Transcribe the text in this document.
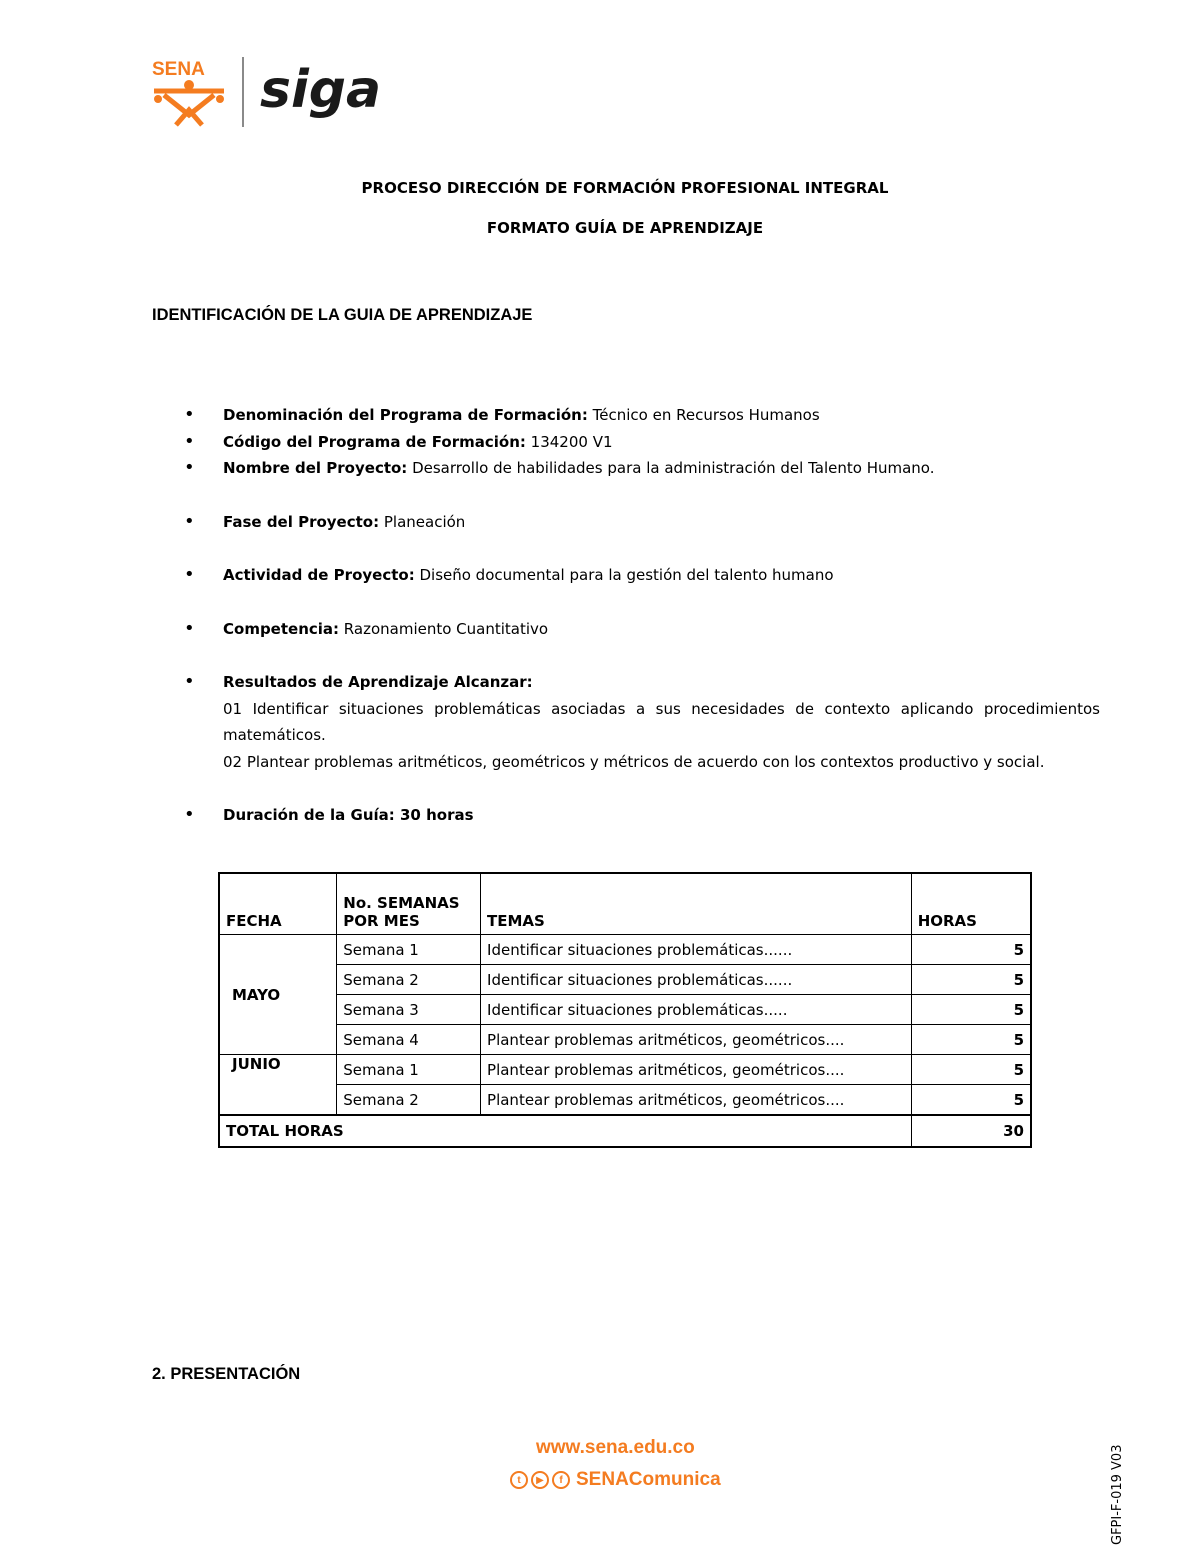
SENA siga
PROCESO DIRECCIÓN DE FORMACIÓN PROFESIONAL INTEGRAL
FORMATO GUÍA DE APRENDIZAJE
IDENTIFICACIÓN DE LA GUIA DE APRENDIZAJE
• Denominación del Programa de Formación: Técnico en Recursos Humanos
• Código del Programa de Formación: 134200 V1
• Nombre del Proyecto: Desarrollo de habilidades para la administración del Talento Humano.
• Fase del Proyecto: Planeación
• Actividad de Proyecto: Diseño documental para la gestión del talento humano
• Competencia: Razonamiento Cuantitativo
• Resultados de Aprendizaje Alcanzar:
01 Identificar situaciones problemáticas asociadas a sus necesidades de contexto aplicando procedimientos matemáticos.
02 Plantear problemas aritméticos, geométricos y métricos de acuerdo con los contextos productivo y social.
• Duración de la Guía: 30 horas
FECHA	No. SEMANAS POR MES	TEMAS	HORAS
MAYO	Semana 1	Identificar situaciones problemáticas......	5
	Semana 2	Identificar situaciones problemáticas......	5
	Semana 3	Identificar situaciones problemáticas.....	5
	Semana 4	Plantear problemas aritméticos, geométricos....	5
JUNIO	Semana 1	Plantear problemas aritméticos, geométricos....	5
	Semana 2	Plantear problemas aritméticos, geométricos....	5
TOTAL HORAS			30
2. PRESENTACIÓN
www.sena.edu.co
t	▶	f SENAComunica	GFPI-F-019 V03
